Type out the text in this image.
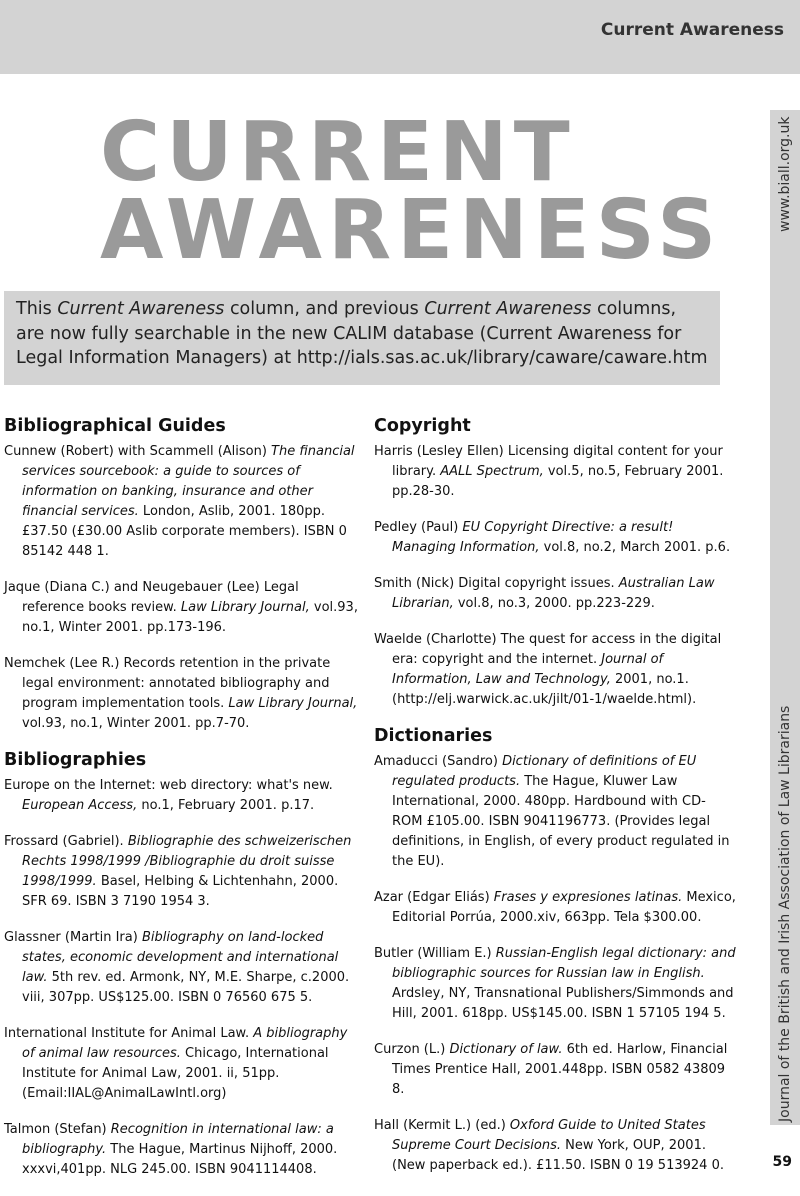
Current Awareness
CURRENT
AWARENESS	www.biall.org.uk
Journal of the British and Irish Association of Law Librarians

This Current Awareness column, and previous Current Awareness columns, are now fully searchable in the new CALIM database (Current Awareness for Legal Information Managers) at http://ials.sas.ac.uk/library/caware/caware.htm

Bibliographical Guides

Cunnew (Robert) with Scammell (Alison) The financial services sourcebook: a guide to sources of information on banking, insurance and other financial services. London, Aslib, 2001. 180pp. £37.50 (£30.00 Aslib corporate members). ISBN 0 85142 448 1.

Jaque (Diana C.) and Neugebauer (Lee) Legal reference books review. Law Library Journal, vol.93, no.1, Winter 2001. pp.173-196.

Nemchek (Lee R.) Records retention in the private legal environment: annotated bibliography and program implementation tools. Law Library Journal, vol.93, no.1, Winter 2001. pp.7-70.

Bibliographies

Europe on the Internet: web directory: what's new. European Access, no.1, February 2001. p.17.

Frossard (Gabriel). Bibliographie des schweizerischen Rechts 1998/1999 /Bibliographie du droit suisse 1998/1999. Basel, Helbing & Lichtenhahn, 2000. SFR 69. ISBN 3 7190 1954 3.

Glassner (Martin Ira) Bibliography on land-locked states, economic development and international law. 5th rev. ed. Armonk, NY, M.E. Sharpe, c.2000. viii, 307pp. US$125.00. ISBN 0 76560 675 5.

International Institute for Animal Law. A bibliography of animal law resources. Chicago, International Institute for Animal Law, 2001. ii, 51pp. (Email:IIAL@AnimalLawIntl.org)

Talmon (Stefan) Recognition in international law: a bibliography. The Hague, Martinus Nijhoff, 2000. xxxvi,401pp. NLG 245.00. ISBN 9041114408.

Copyright

Harris (Lesley Ellen) Licensing digital content for your library. AALL Spectrum, vol.5, no.5, February 2001. pp.28-30.

Pedley (Paul) EU Copyright Directive: a result! Managing Information, vol.8, no.2, March 2001. p.6.

Smith (Nick) Digital copyright issues. Australian Law Librarian, vol.8, no.3, 2000. pp.223-229.

Waelde (Charlotte) The quest for access in the digital era: copyright and the internet. Journal of Information, Law and Technology, 2001, no.1.(http://elj.warwick.ac.uk/jilt/01-1/waelde.html).

Dictionaries

Amaducci (Sandro) Dictionary of definitions of EU regulated products. The Hague, Kluwer Law International, 2000. 480pp. Hardbound with CD-ROM £105.00. ISBN 9041196773. (Provides legal definitions, in English, of every product regulated in the EU).

Azar (Edgar Eliás) Frases y expresiones latinas. Mexico, Editorial Porrúa, 2000.xiv, 663pp. Tela $300.00.

Butler (William E.) Russian-English legal dictionary: and bibliographic sources for Russian law in English. Ardsley, NY, Transnational Publishers/Simmonds and Hill, 2001. 618pp. US$145.00. ISBN 1 57105 194 5.

Curzon (L.) Dictionary of law. 6th ed. Harlow, Financial Times Prentice Hall, 2001.448pp. ISBN 0582 43809 8.

Hall (Kermit L.) (ed.) Oxford Guide to United States Supreme Court Decisions. New York, OUP, 2001. (New paperback ed.). £11.50. ISBN 0 19 513924 0.	59
